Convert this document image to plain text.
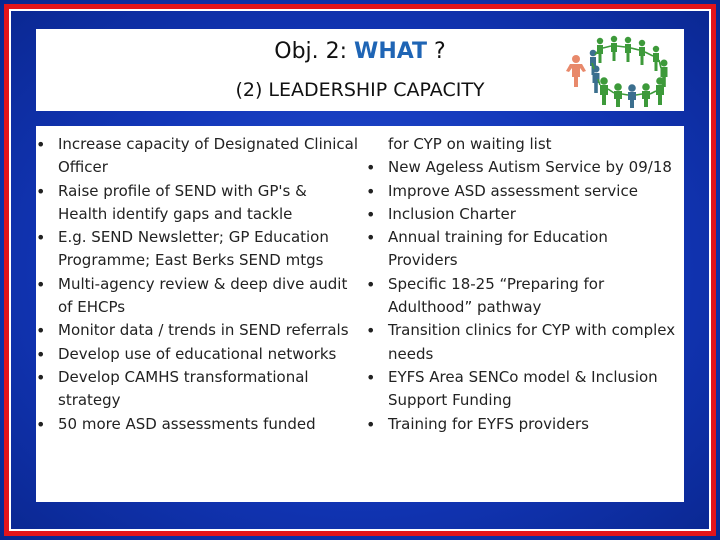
Obj. 2: WHAT ?
(2) LEADERSHIP CAPACITY
• Increase capacity of Designated Clinical Officer
• Raise profile of SEND with GP's & Health identify gaps and tackle
• E.g. SEND Newsletter; GP Education Programme; East Berks SEND mtgs
• Multi-agency review & deep dive audit of EHCPs
• Monitor data / trends in SEND referrals
• Develop use of educational networks
• Develop CAMHS transformational strategy
• 50 more ASD assessments funded
for CYP on waiting list
• New Ageless Autism Service by 09/18
• Improve ASD assessment service
• Inclusion Charter
• Annual training for Education Providers
• Specific 18-25 “Preparing for Adulthood” pathway
• Transition clinics for CYP with complex needs
• EYFS Area SENCo model & Inclusion Support Funding
• Training for EYFS providers
